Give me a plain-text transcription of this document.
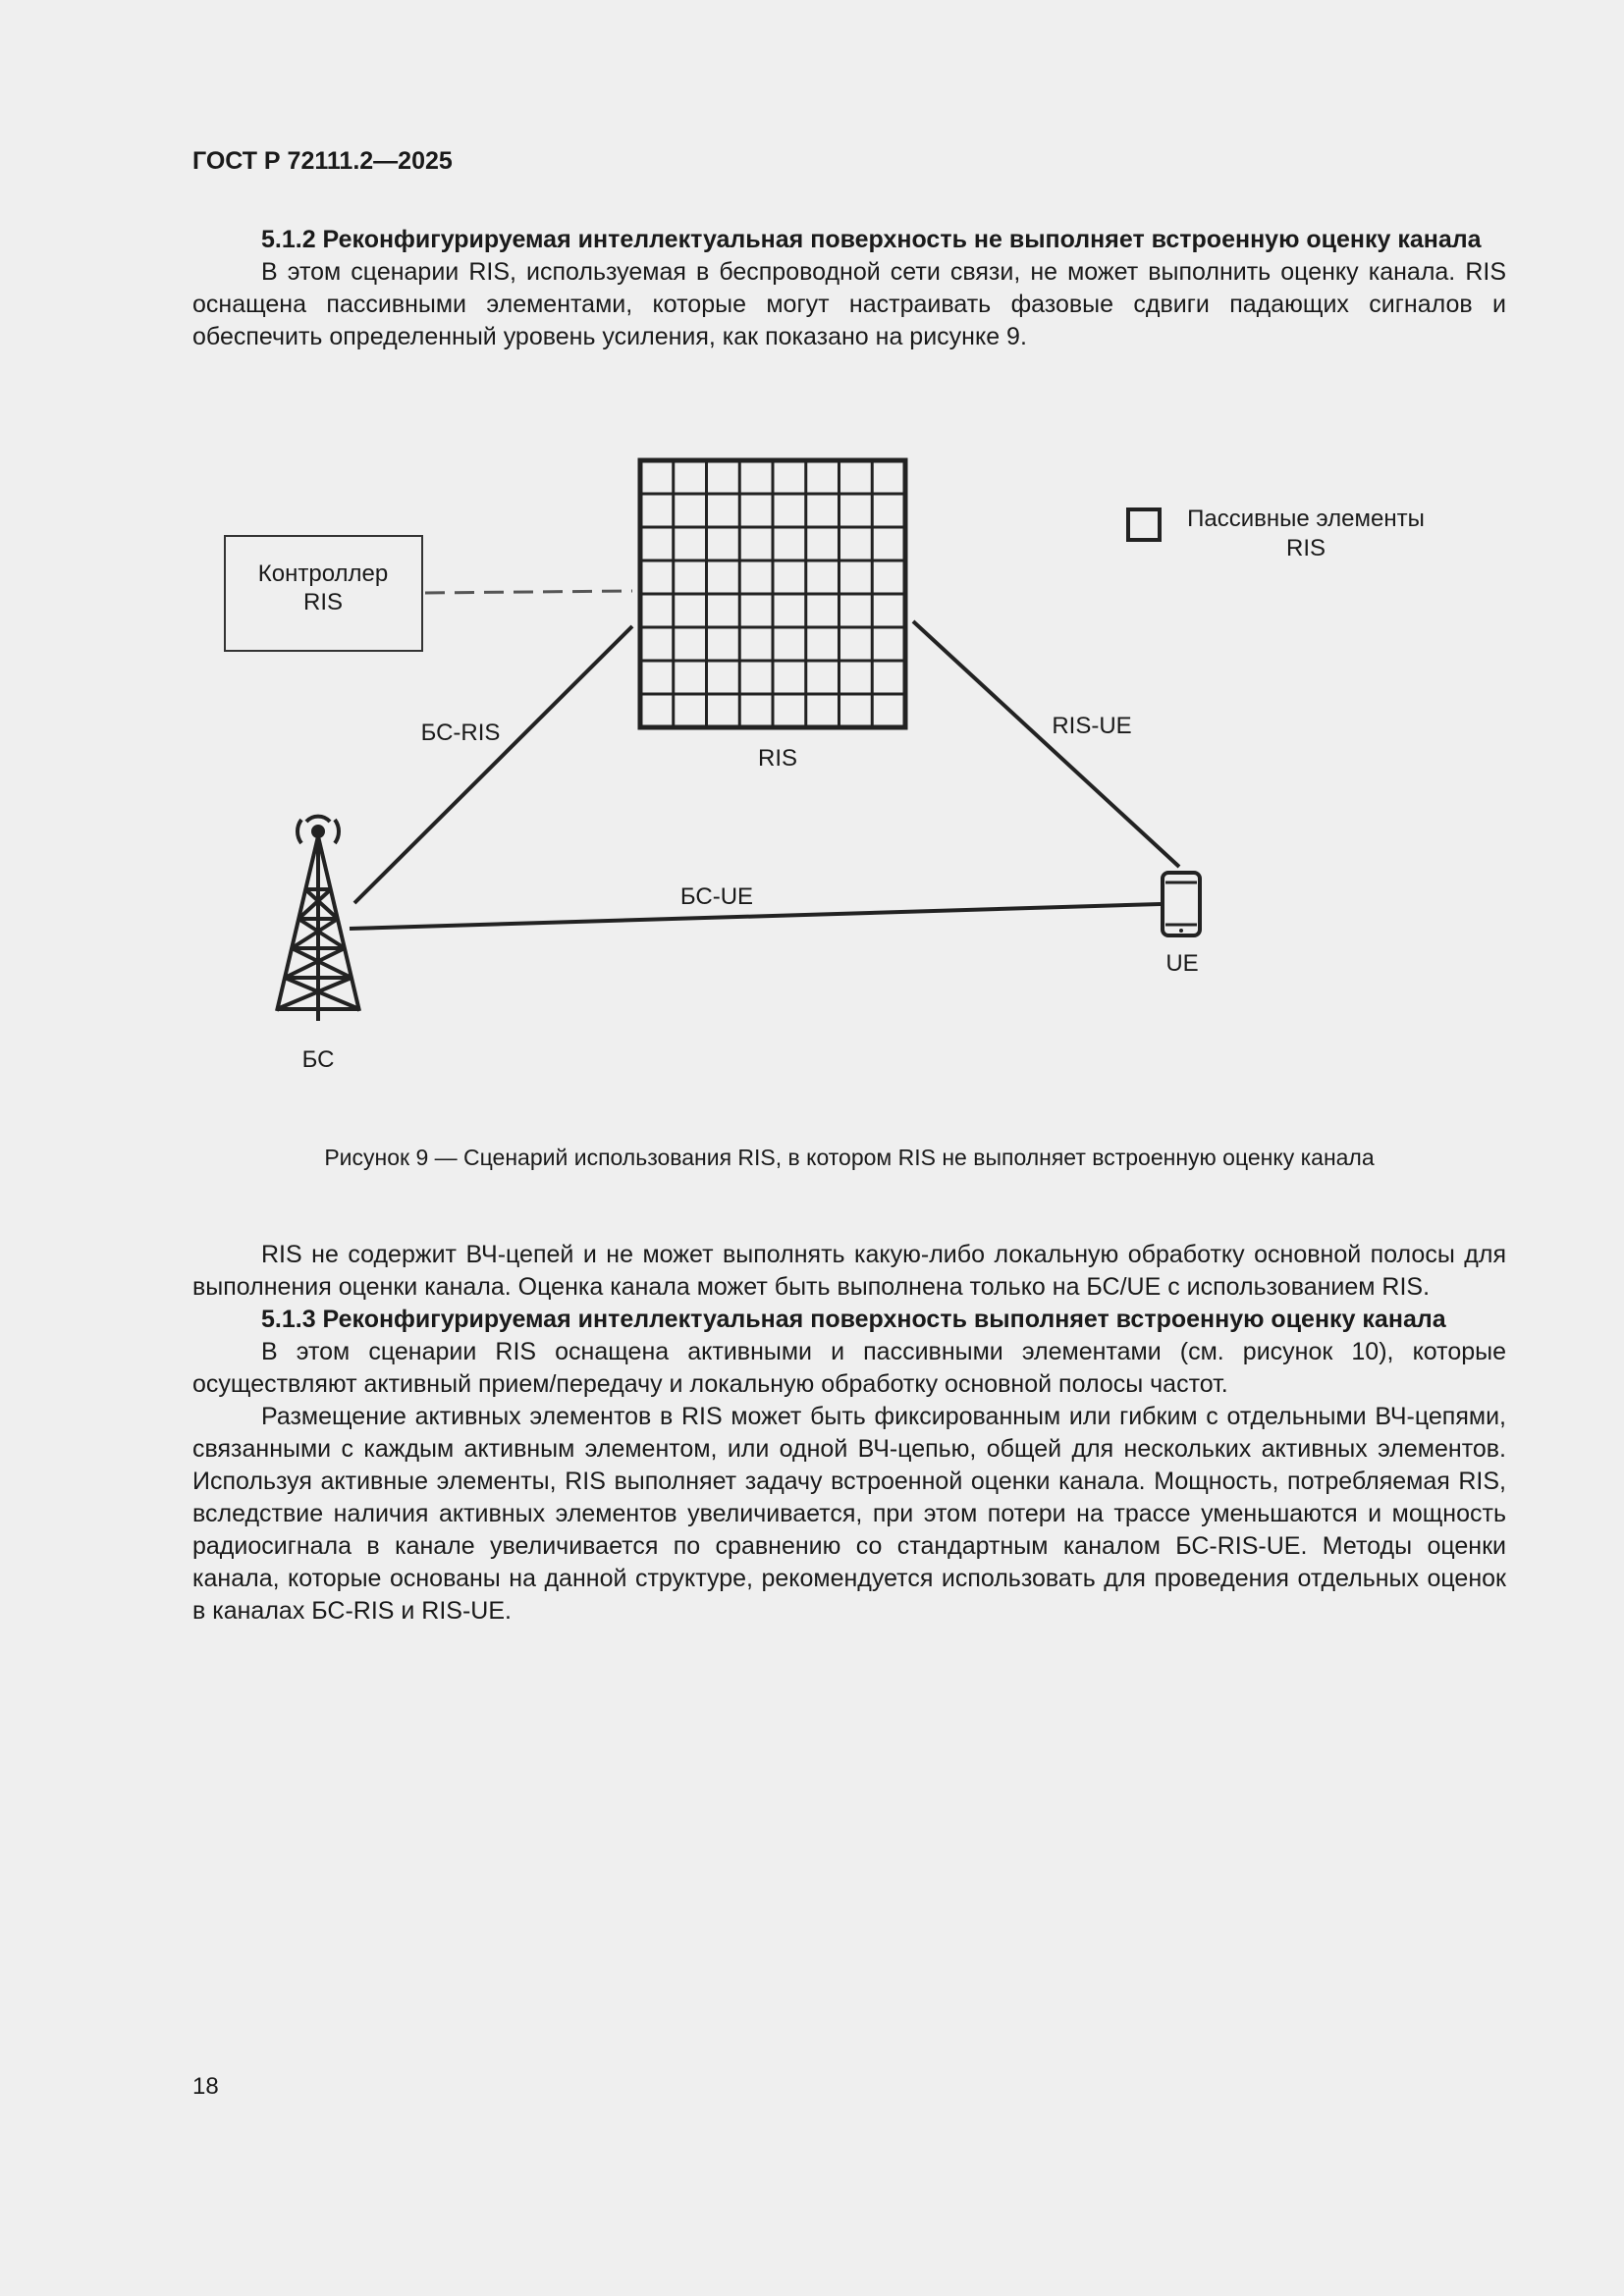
ГОСТ Р 72111.2—2025
5.1.2 Реконфигурируемая интеллектуальная поверхность не выполняет встроенную оценку канала

В этом сценарии RIS, используемая в беспроводной сети связи, не может выполнить оценку канала. RIS оснащена пассивными элементами, которые могут настраивать фазовые сдвиги падающих сигналов и обеспечить определенный уровень усиления, как показано на рисунке 9.

Контроллер
RIS
RIS
Пассивные элементы
RIS
БС-RIS	RIS-UE
БС-UE
БС
UE

Рисунок 9 — Сценарий использования RIS, в котором RIS не выполняет встроенную оценку канала

RIS не содержит ВЧ-цепей и не может выполнять какую-либо локальную обработку основной полосы для выполнения оценки канала. Оценка канала может быть выполнена только на БС/UE с использованием RIS.

5.1.3 Реконфигурируемая интеллектуальная поверхность выполняет встроенную оценку канала

В этом сценарии RIS оснащена активными и пассивными элементами (см. рисунок 10), которые осуществляют активный прием/передачу и локальную обработку основной полосы частот.

Размещение активных элементов в RIS может быть фиксированным или гибким с отдельными ВЧ-цепями, связанными с каждым активным элементом, или одной ВЧ-цепью, общей для нескольких активных элементов. Используя активные элементы, RIS выполняет задачу встроенной оценки канала. Мощность, потребляемая RIS, вследствие наличия активных элементов увеличивается, при этом потери на трассе уменьшаются и мощность радиосигнала в канале увеличивается по сравнению со стандартным каналом БС-RIS-UE. Методы оценки канала, которые основаны на данной структуре, рекомендуется использовать для проведения отдельных оценок в каналах БС-RIS и RIS-UE.

18
